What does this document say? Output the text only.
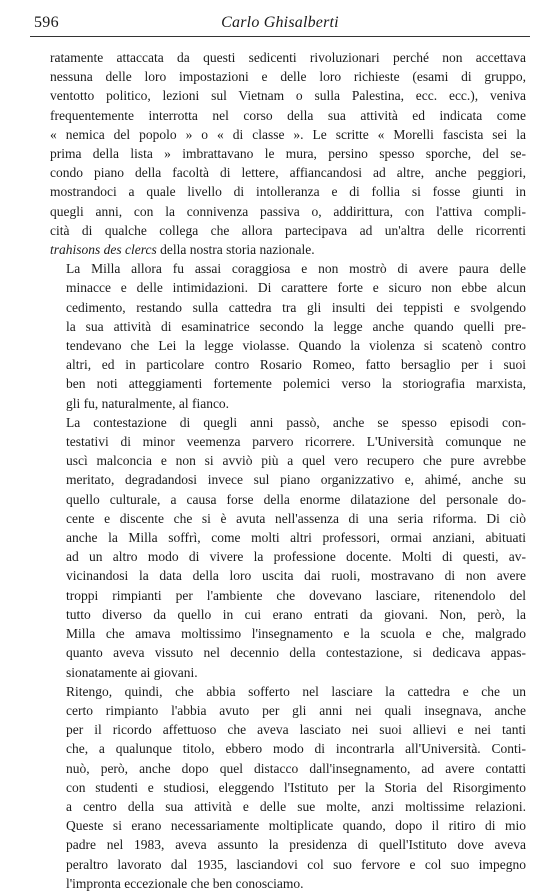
596	Carlo Ghisalberti
ratamente attaccata da questi sedicenti rivoluzionari perché non accettava
nessuna delle loro impostazioni e delle loro richieste (esami di gruppo,
ventotto politico, lezioni sul Vietnam o sulla Palestina, ecc. ecc.), veniva
frequentemente interrotta nel corso della sua attività ed indicata come
« nemica del popolo » o « di classe ». Le scritte « Morelli fascista sei la
prima della lista » imbrattavano le mura, persino spesso sporche, del se-
condo piano della facoltà di lettere, affiancandosi ad altre, anche peggiori,
mostrandoci a quale livello di intolleranza e di follia si fosse giunti in
quegli anni, con la connivenza passiva o, addirittura, con l'attiva compli-
cità di qualche collega che allora partecipava ad un'altra delle ricorrenti
trahisons des clercs della nostra storia nazionale.
La Milla allora fu assai coraggiosa e non mostrò di avere paura delle
minacce e delle intimidazioni. Di carattere forte e sicuro non ebbe alcun
cedimento, restando sulla cattedra tra gli insulti dei teppisti e svolgendo
la sua attività di esaminatrice secondo la legge anche quando quelli pre-
tendevano che Lei la legge violasse. Quando la violenza si scatenò contro
altri, ed in particolare contro Rosario Romeo, fatto bersaglio per i suoi
ben noti atteggiamenti fortemente polemici verso la storiografia marxista,
gli fu, naturalmente, al fianco.
La contestazione di quegli anni passò, anche se spesso episodi con-
testativi di minor veemenza parvero ricorrere. L'Università comunque ne
uscì malconcia e non si avviò più a quel vero recupero che pure avrebbe
meritato, degradandosi invece sul piano organizzativo e, ahimé, anche su
quello culturale, a causa forse della enorme dilatazione del personale do-
cente e discente che si è avuta nell'assenza di una seria riforma. Di ciò
anche la Milla soffrì, come molti altri professori, ormai anziani, abituati
ad un altro modo di vivere la professione docente. Molti di questi, av-
vicinandosi la data della loro uscita dai ruoli, mostravano di non avere
troppi rimpianti per l'ambiente che dovevano lasciare, ritenendolo del
tutto diverso da quello in cui erano entrati da giovani. Non, però, la
Milla che amava moltissimo l'insegnamento e la scuola e che, malgrado
quanto aveva vissuto nel decennio della contestazione, si dedicava appas-
sionatamente ai giovani.
Ritengo, quindi, che abbia sofferto nel lasciare la cattedra e che un
certo rimpianto l'abbia avuto per gli anni nei quali insegnava, anche
per il ricordo affettuoso che aveva lasciato nei suoi allievi e nei tanti
che, a qualunque titolo, ebbero modo di incontrarla all'Università. Conti-
nuò, però, anche dopo quel distacco dall'insegnamento, ad avere contatti
con studenti e studiosi, eleggendo l'Istituto per la Storia del Risorgimento
a centro della sua attività e delle sue molte, anzi moltissime relazioni.
Queste si erano necessariamente moltiplicate quando, dopo il ritiro di mio
padre nel 1983, aveva assunto la presidenza di quell'Istituto dove aveva
peraltro lavorato dal 1935, lasciandovi col suo fervore e col suo impegno
l'impronta eccezionale che ben conosciamo.
